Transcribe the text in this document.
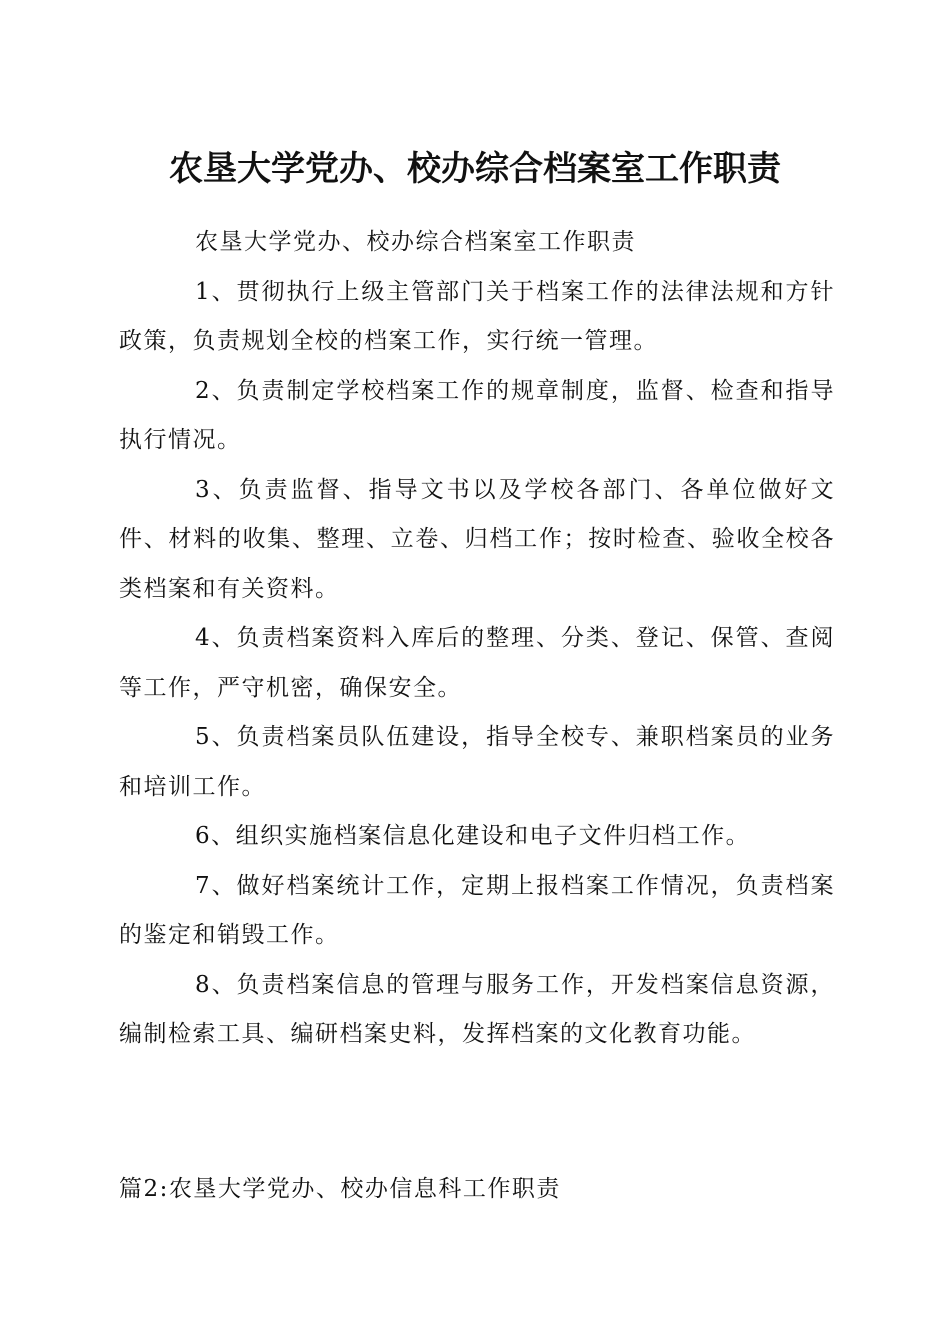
农垦大学党办、校办综合档案室工作职责

农垦大学党办、校办综合档案室工作职责

1、贯彻执行上级主管部门关于档案工作的法律法规和方针政策，负责规划全校的档案工作，实行统一管理。

2、负责制定学校档案工作的规章制度，监督、检查和指导执行情况。

3、负责监督、指导文书以及学校各部门、各单位做好文件、材料的收集、整理、立卷、归档工作；按时检查、验收全校各类档案和有关资料。

4、负责档案资料入库后的整理、分类、登记、保管、查阅等工作，严守机密，确保安全。

5、负责档案员队伍建设，指导全校专、兼职档案员的业务和培训工作。

6、组织实施档案信息化建设和电子文件归档工作。

7、做好档案统计工作，定期上报档案工作情况，负责档案的鉴定和销毁工作。

8、负责档案信息的管理与服务工作，开发档案信息资源，编制检索工具、编研档案史料，发挥档案的文化教育功能。

篇2:农垦大学党办、校办信息科工作职责
